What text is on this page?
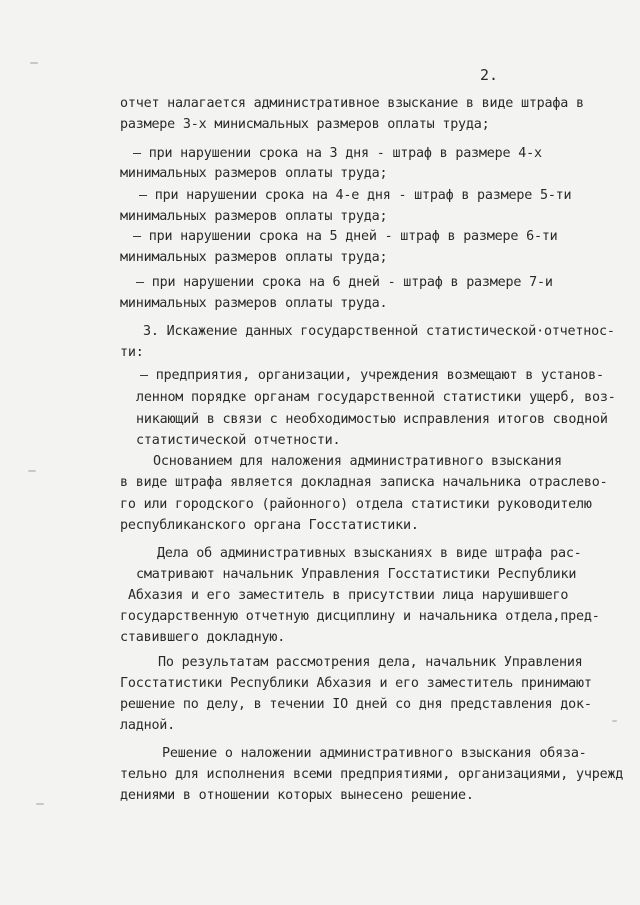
2.
отчет налагается административное взыскание в виде штрафа в
размере 3-х минисмальных размеров оплаты труда;
– при нарушении срока на 3 дня - штраф в размере 4-х
минимальных размеров оплаты труда;
– при нарушении срока на 4-е дня - штраф в размере 5-ти
минимальных размеров оплаты труда;
– при нарушении срока на 5 дней - штраф в размере 6-ти
минимальных размеров оплаты труда;
– при нарушении срока на 6 дней - штраф в размере 7-и
минимальных размеров оплаты труда.
3. Искажение данных государственной статистической·отчетнос-
ти:
– предприятия, организации, учреждения возмещают в установ-
ленном порядке органам государственной статистики ущерб, воз-
никающий в связи с необходимостью исправления итогов сводной
статистической отчетности.
Основанием для наложения административного взыскания
в виде штрафа является докладная записка начальника отраслево-
го или городского (районного) отдела статистики руководителю
республиканского органа Госстатистики.
Дела об административных взысканиях в виде штрафа рас-
сматривают начальник Управления Госстатистики Республики
Абхазия и его заместитель в присутствии лица нарушившего
государственную отчетную дисциплину и начальника отдела,пред-
ставившего докладную.
По результатам рассмотрения дела, начальник Управления
Госстатистики Республики Абхазия и его заместитель принимают
решение по делу, в течении IO дней со дня представления док-
ладной.
Решение о наложении административного взыскания обяза-
тельно для исполнения всеми предприятиями, организациями, учрежд
дениями в отношении которых вынесено решение.
